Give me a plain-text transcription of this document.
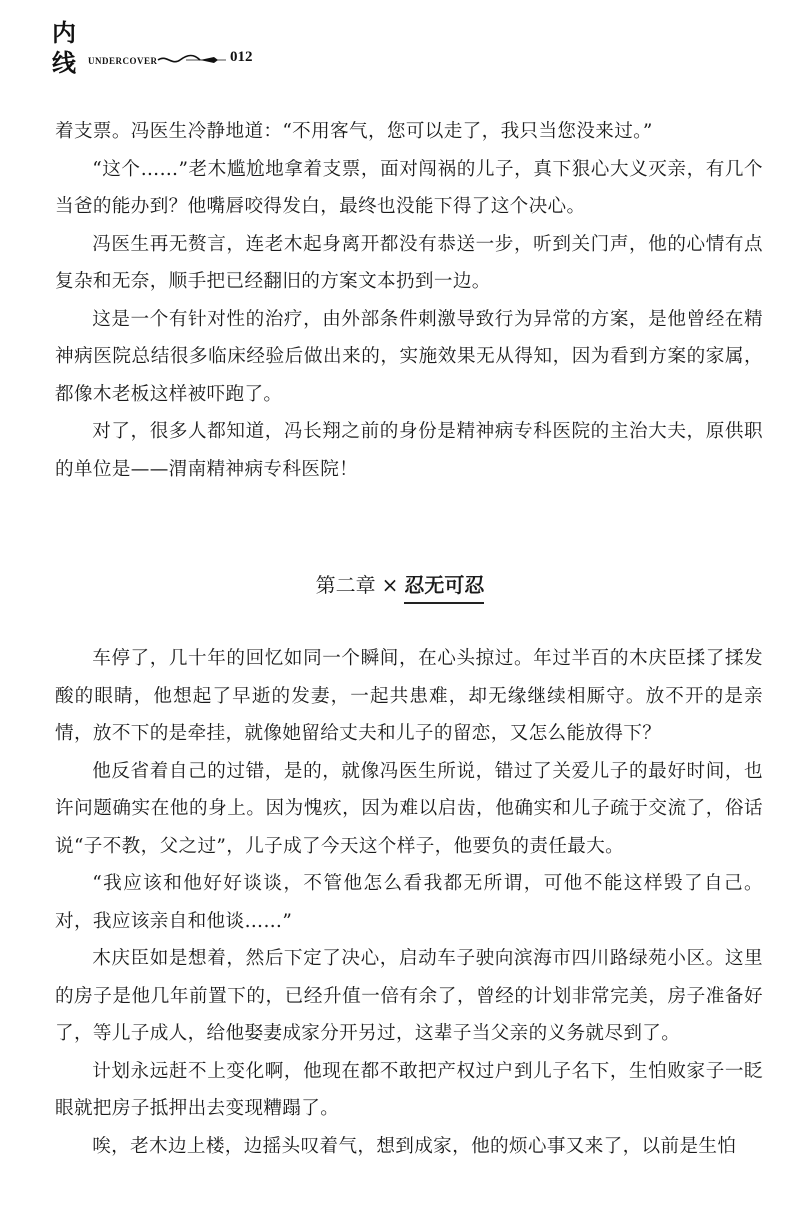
内
线	UNDERCOVER	012

着支票。冯医生冷静地道：“不用客气，您可以走了，我只当您没来过。”

“这个……”老木尴尬地拿着支票，面对闯祸的儿子，真下狠心大义灭亲，有几个当爸的能办到？他嘴唇咬得发白，最终也没能下得了这个决心。

冯医生再无赘言，连老木起身离开都没有恭送一步，听到关门声，他的心情有点复杂和无奈，顺手把已经翻旧的方案文本扔到一边。

这是一个有针对性的治疗，由外部条件刺激导致行为异常的方案，是他曾经在精神病医院总结很多临床经验后做出来的，实施效果无从得知，因为看到方案的家属，都像木老板这样被吓跑了。

对了，很多人都知道，冯长翔之前的身份是精神病专科医院的主治大夫，原供职的单位是——渭南精神病专科医院！

第二章 × 忍无可忍

车停了，几十年的回忆如同一个瞬间，在心头掠过。年过半百的木庆臣揉了揉发酸的眼睛，他想起了早逝的发妻，一起共患难，却无缘继续相厮守。放不开的是亲情，放不下的是牵挂，就像她留给丈夫和儿子的留恋，又怎么能放得下？

他反省着自己的过错，是的，就像冯医生所说，错过了关爱儿子的最好时间，也许问题确实在他的身上。因为愧疚，因为难以启齿，他确实和儿子疏于交流了，俗话说“子不教，父之过”，儿子成了今天这个样子，他要负的责任最大。

“我应该和他好好谈谈，不管他怎么看我都无所谓，可他不能这样毁了自己。对，我应该亲自和他谈……”

木庆臣如是想着，然后下定了决心，启动车子驶向滨海市四川路绿苑小区。这里的房子是他几年前置下的，已经升值一倍有余了，曾经的计划非常完美，房子准备好了，等儿子成人，给他娶妻成家分开另过，这辈子当父亲的义务就尽到了。

计划永远赶不上变化啊，他现在都不敢把产权过户到儿子名下，生怕败家子一眨眼就把房子抵押出去变现糟蹋了。

唉，老木边上楼，边摇头叹着气，想到成家，他的烦心事又来了，以前是生怕
